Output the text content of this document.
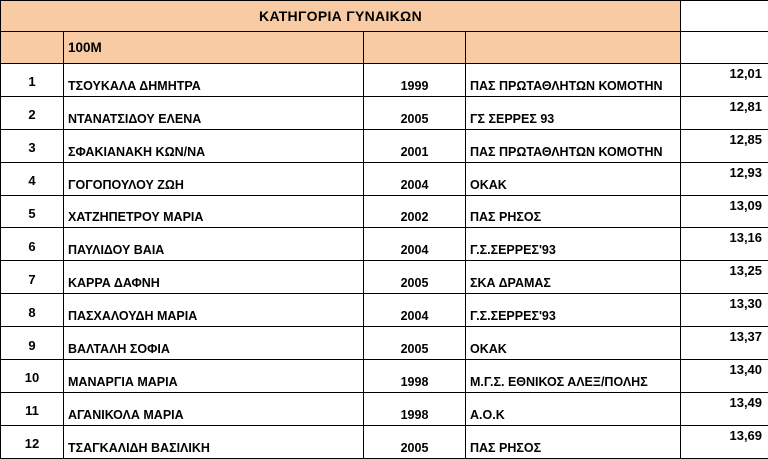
ΚΑΤΗΓΟΡΙΑ ΓΥΝΑΙΚΩΝ				
	100Μ			
1	ΤΣΟΥΚΑΛΑ ΔΗΜΗΤΡΑ	1999	ΠΑΣ ΠΡΩΤΑΘΛΗΤΩΝ ΚΟΜΟΤΗΝ	12,01
2	ΝΤΑΝΑΤΣΙΔΟΥ ΕΛΕΝΑ	2005	ΓΣ ΣΕΡΡΕΣ 93	12,81
3	ΣΦΑΚΙΑΝΑΚΗ ΚΩΝ/ΝΑ	2001	ΠΑΣ ΠΡΩΤΑΘΛΗΤΩΝ ΚΟΜΟΤΗΝ	12,85
4	ΓΟΓΟΠΟΥΛΟΥ ΖΩΗ	2004	ΟΚΑΚ	12,93
5	ΧΑΤΖΗΠΕΤΡΟΥ ΜΑΡΙΑ	2002	ΠΑΣ ΡΗΣΟΣ	13,09
6	ΠΑΥΛΙΔΟΥ ΒΑΙΑ	2004	Γ.Σ.ΣΕΡΡΕΣ'93	13,16
7	ΚΑΡΡΑ ΔΑΦΝΗ	2005	ΣΚΑ ΔΡΑΜΑΣ	13,25
8	ΠΑΣΧΑΛΟΥΔΗ ΜΑΡΙΑ	2004	Γ.Σ.ΣΕΡΡΕΣ'93	13,30
9	ΒΑΛΤΑΛΗ ΣΟΦΙΑ	2005	ΟΚΑΚ	13,37
10	ΜΑΝΑΡΓΙΑ ΜΑΡΙΑ	1998	Μ.Γ.Σ. ΕΘΝΙΚΟΣ ΑΛΕΞ/ΠΟΛΗΣ	13,40
11	ΑΓΑΝΙΚΟΛΑ ΜΑΡΙΑ	1998	Α.Ο.Κ	13,49
12	ΤΣΑΓΚΑΛΙΔΗ ΒΑΣΙΛΙΚΗ	2005	ΠΑΣ ΡΗΣΟΣ	13,69
